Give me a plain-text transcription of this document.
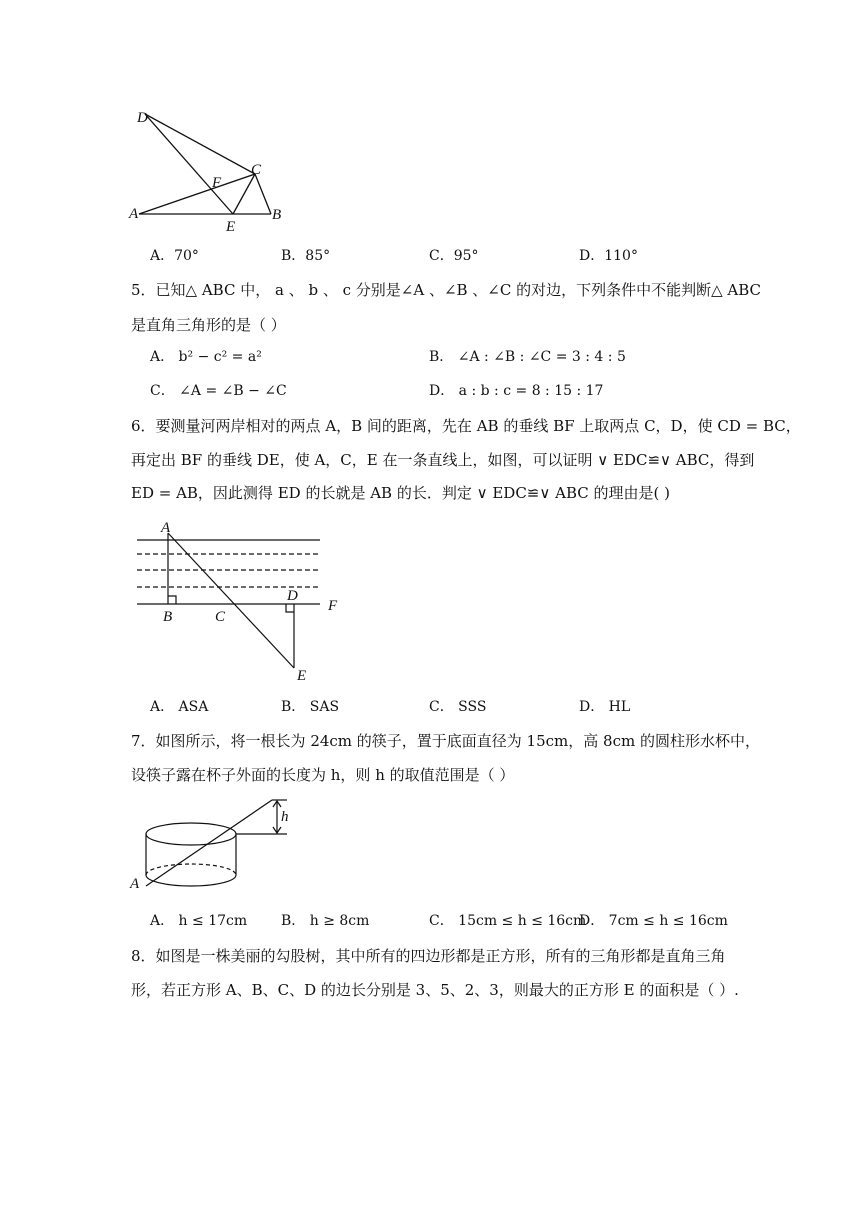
D
C
F
A
E
B
A．70°	B．85°	C．95°	D．110°
5．已知△ ABC 中， a 、 b 、 c 分别是∠A 、∠B 、∠C 的对边，下列条件中不能判断△ ABC
是直角三角形的是（ ）
A． b² − c² = a²	B． ∠A : ∠B : ∠C = 3 : 4 : 5
C． ∠A = ∠B − ∠C	D． a : b : c = 8 : 15 : 17
6．要测量河两岸相对的两点 A，B 间的距离，先在 AB 的垂线 BF 上取两点 C，D，使 CD = BC，
再定出 BF 的垂线 DE，使 A，C，E 在一条直线上，如图，可以证明 ∨ EDC≌∨ ABC，得到
ED = AB，因此测得 ED 的长就是 AB 的长．判定 ∨ EDC≌∨ ABC 的理由是( )
A
B	C
D
F
E
A． ASA	B． SAS	C． SSS	D． HL
7．如图所示，将一根长为 24cm 的筷子，置于底面直径为 15cm，高 8cm 的圆柱形水杯中，
设筷子露在杯子外面的长度为 h，则 h 的取值范围是（ ）
h
A
A． h ≤ 17cm B． h ≥ 8cm	C． 15cm ≤ h ≤ 16cm
D． 7cm ≤ h ≤ 16cm
8．如图是一株美丽的勾股树，其中所有的四边形都是正方形，所有的三角形都是直角三角
形，若正方形 A、B、C、D 的边长分别是 3、5、2、3，则最大的正方形 E 的面积是（ ）.
